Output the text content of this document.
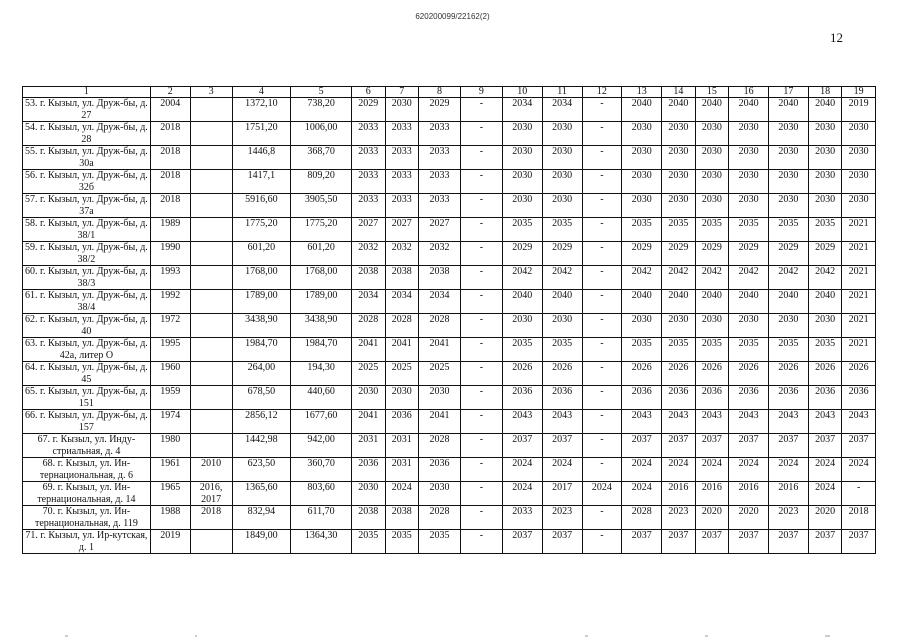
620200099/22162(2)
12
1	2	3	4	5	6	7	8	9	10	11	12	13	14	15	16	17	18	19
53. г. Кызыл, ул. Друж-бы, д. 27	2004		1372,10	738,20	2029	2030	2029	-	2034	2034	-	2040	2040	2040	2040	2040	2040	2019
54. г. Кызыл, ул. Друж-бы, д. 28	2018		1751,20	1006,00	2033	2033	2033	-	2030	2030	-	2030	2030	2030	2030	2030	2030	2030
55. г. Кызыл, ул. Друж-бы, д. 30а	2018		1446,8	368,70	2033	2033	2033	-	2030	2030	-	2030	2030	2030	2030	2030	2030	2030
56. г. Кызыл, ул. Друж-бы, д. 32б	2018		1417,1	809,20	2033	2033	2033	-	2030	2030	-	2030	2030	2030	2030	2030	2030	2030
57. г. Кызыл, ул. Друж-бы, д. 37а	2018		5916,60	3905,50	2033	2033	2033	-	2030	2030	-	2030	2030	2030	2030	2030	2030	2030
58. г. Кызыл, ул. Друж-бы, д. 38/1	1989		1775,20	1775,20	2027	2027	2027	-	2035	2035	-	2035	2035	2035	2035	2035	2035	2021
59. г. Кызыл, ул. Друж-бы, д. 38/2	1990		601,20	601,20	2032	2032	2032	-	2029	2029	-	2029	2029	2029	2029	2029	2029	2021
60. г. Кызыл, ул. Друж-бы, д. 38/3	1993		1768,00	1768,00	2038	2038	2038	-	2042	2042	-	2042	2042	2042	2042	2042	2042	2021
61. г. Кызыл, ул. Друж-бы, д. 38/4	1992		1789,00	1789,00	2034	2034	2034	-	2040	2040	-	2040	2040	2040	2040	2040	2040	2021
62. г. Кызыл, ул. Друж-бы, д. 40	1972		3438,90	3438,90	2028	2028	2028	-	2030	2030	-	2030	2030	2030	2030	2030	2030	2021
63. г. Кызыл, ул. Друж-бы, д. 42а, литер О	1995		1984,70	1984,70	2041	2041	2041	-	2035	2035	-	2035	2035	2035	2035	2035	2035	2021
64. г. Кызыл, ул. Друж-бы, д. 45	1960		264,00	194,30	2025	2025	2025	-	2026	2026	-	2026	2026	2026	2026	2026	2026	2026
65. г. Кызыл, ул. Друж-бы, д. 151	1959		678,50	440,60	2030	2030	2030	-	2036	2036	-	2036	2036	2036	2036	2036	2036	2036
66. г. Кызыл, ул. Друж-бы, д. 157	1974		2856,12	1677,60	2041	2036	2041	-	2043	2043	-	2043	2043	2043	2043	2043	2043	2043
67. г. Кызыл, ул. Инду-стриальная, д. 4	1980		1442,98	942,00	2031	2031	2028	-	2037	2037	-	2037	2037	2037	2037	2037	2037	2037
68. г. Кызыл, ул. Ин-тернациональная, д. 6	1961	2010	623,50	360,70	2036	2031	2036	-	2024	2024	-	2024	2024	2024	2024	2024	2024	2024
69. г. Кызыл, ул. Ин-тернациональная, д. 14	1965	2016, 2017	1365,60	803,60	2030	2024	2030	-	2024	2017	2024	2024	2016	2016	2016	2016	2024	-
70. г. Кызыл, ул. Ин-тернациональная, д. 119	1988	2018	832,94	611,70	2038	2038	2028	-	2033	2023	-	2028	2023	2020	2020	2023	2020	2018
71. г. Кызыл, ул. Ир-кутская, д. 1	2019		1849,00	1364,30	2035	2035	2035	-	2037	2037	-	2037	2037	2037	2037	2037	2037	2037
